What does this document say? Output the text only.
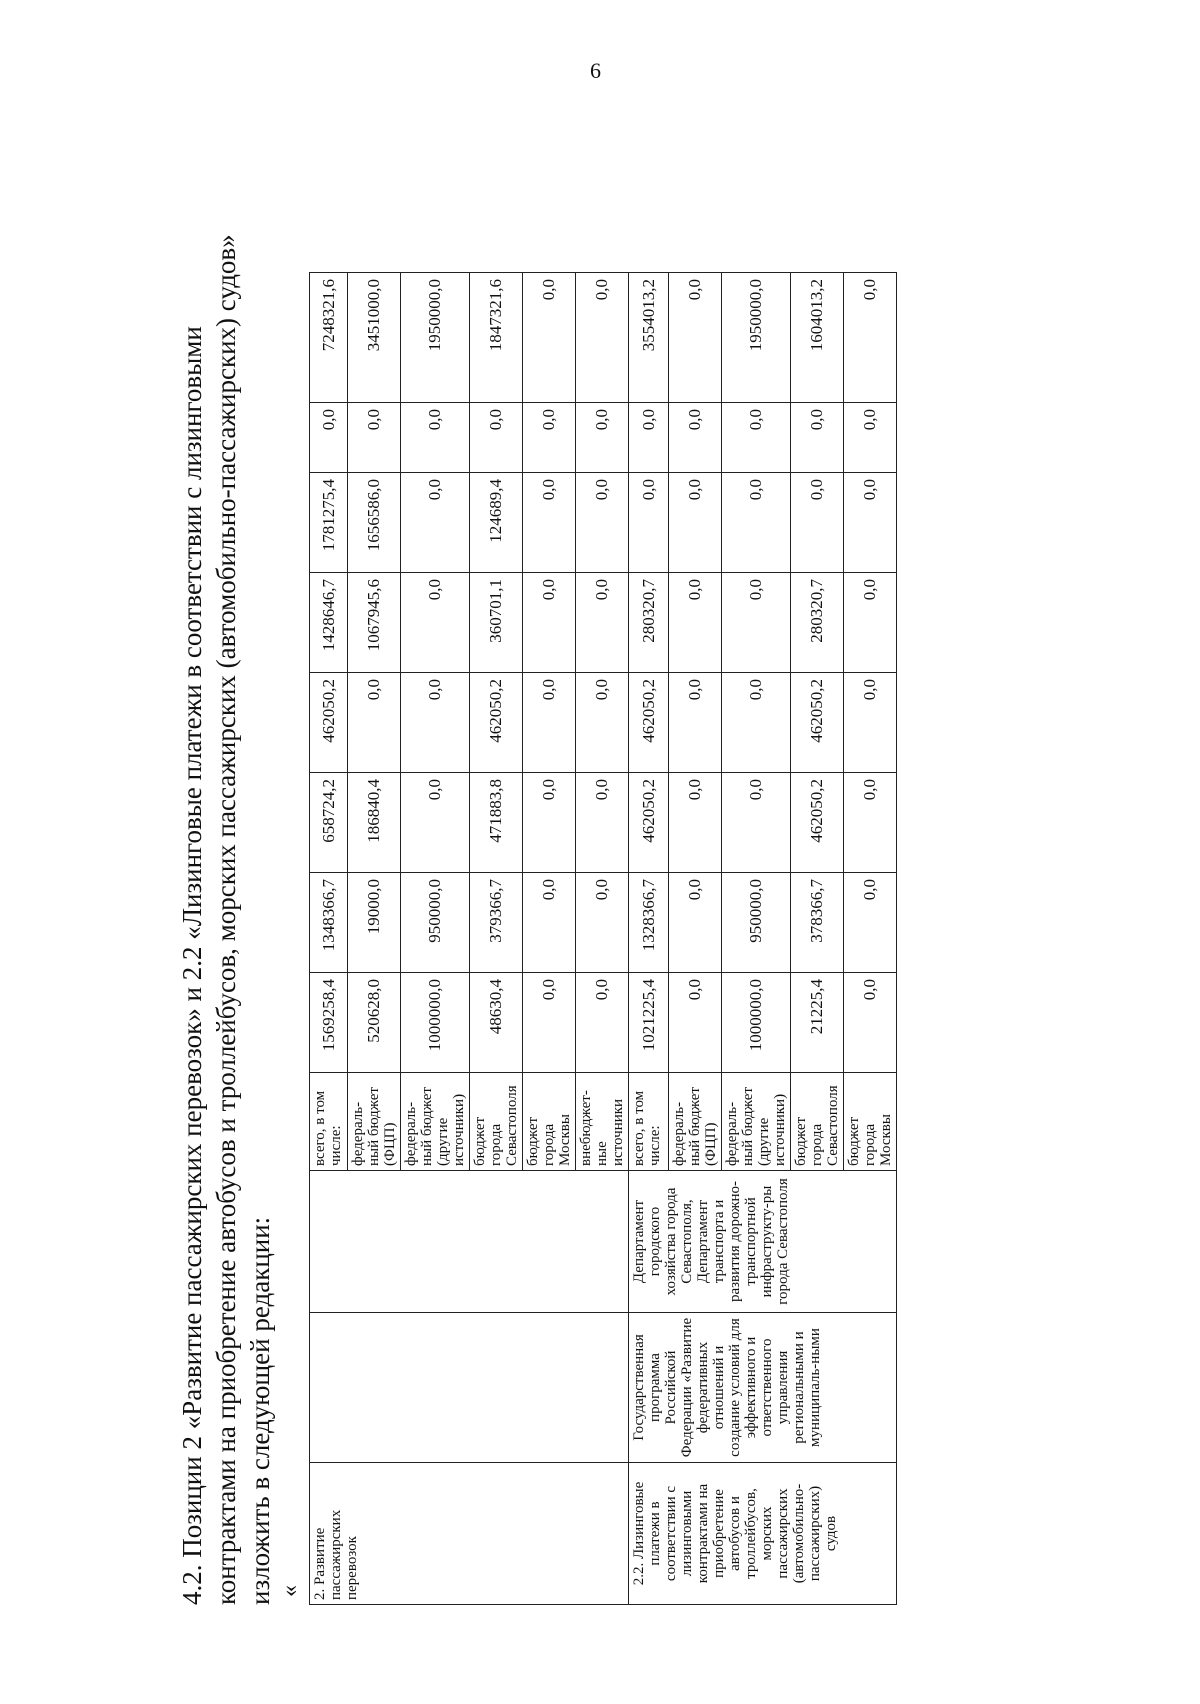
6
4.2. Позиции 2 «Развитие пассажирских перевозок» и 2.2 «Лизинговые платежи в соответствии с лизинговыми контрактами на приобретение автобусов и троллейбусов, морских пассажирских (автомобильно-пассажирских) судов» изложить в следующей редакции: « 2. Развитие пассажирских перевозок			всего, в том числе:	1569258,4	1348366,7	658724,2	462050,2	1428646,7	1781275,4	0,0	7248321,6
			федераль-ный бюджет (ФЦП)	520628,0	19000,0	186840,4	0,0	1067945,6	1656586,0	0,0	3451000,0
			федераль-ный бюджет (другие источники)	1000000,0	950000,0	0,0	0,0	0,0	0,0	0,0	1950000,0
			бюджет города Севастополя	48630,4	379366,7	471883,8	462050,2	360701,1	124689,4	0,0	1847321,6
			бюджет города Москвы	0,0	0,0	0,0	0,0	0,0	0,0	0,0	0,0
			внебюджет-ные источники	0,0	0,0	0,0	0,0	0,0	0,0	0,0	0,0
2.2. Лизинговые платежи в соответствии с лизинговыми контрактами на приобретение автобусов и троллейбусов, морских пассажирских (автомобильно-пассажирских) судов	Государственная программа Российской Федерации «Развитие федеративных отношений и создание условий для эффективного и ответственного управления региональными и муниципаль-ными	Департамент городского хозяйства города Севастополя, Департамент транспорта и развития дорожно-транспортной инфраструкту-ры города Севастополя	всего, в том числе:	1021225,4	1328366,7	462050,2	462050,2	280320,7	0,0	0,0	3554013,2
			федераль-ный бюджет (ФЦП)	0,0	0,0	0,0	0,0	0,0	0,0	0,0	0,0
			федераль-ный бюджет (другие источники)	1000000,0	950000,0	0,0	0,0	0,0	0,0	0,0	1950000,0
			бюджет города Севастополя	21225,4	378366,7	462050,2	462050,2	280320,7	0,0	0,0	1604013,2
			бюджет города Москвы	0,0	0,0	0,0	0,0	0,0	0,0	0,0	0,0
